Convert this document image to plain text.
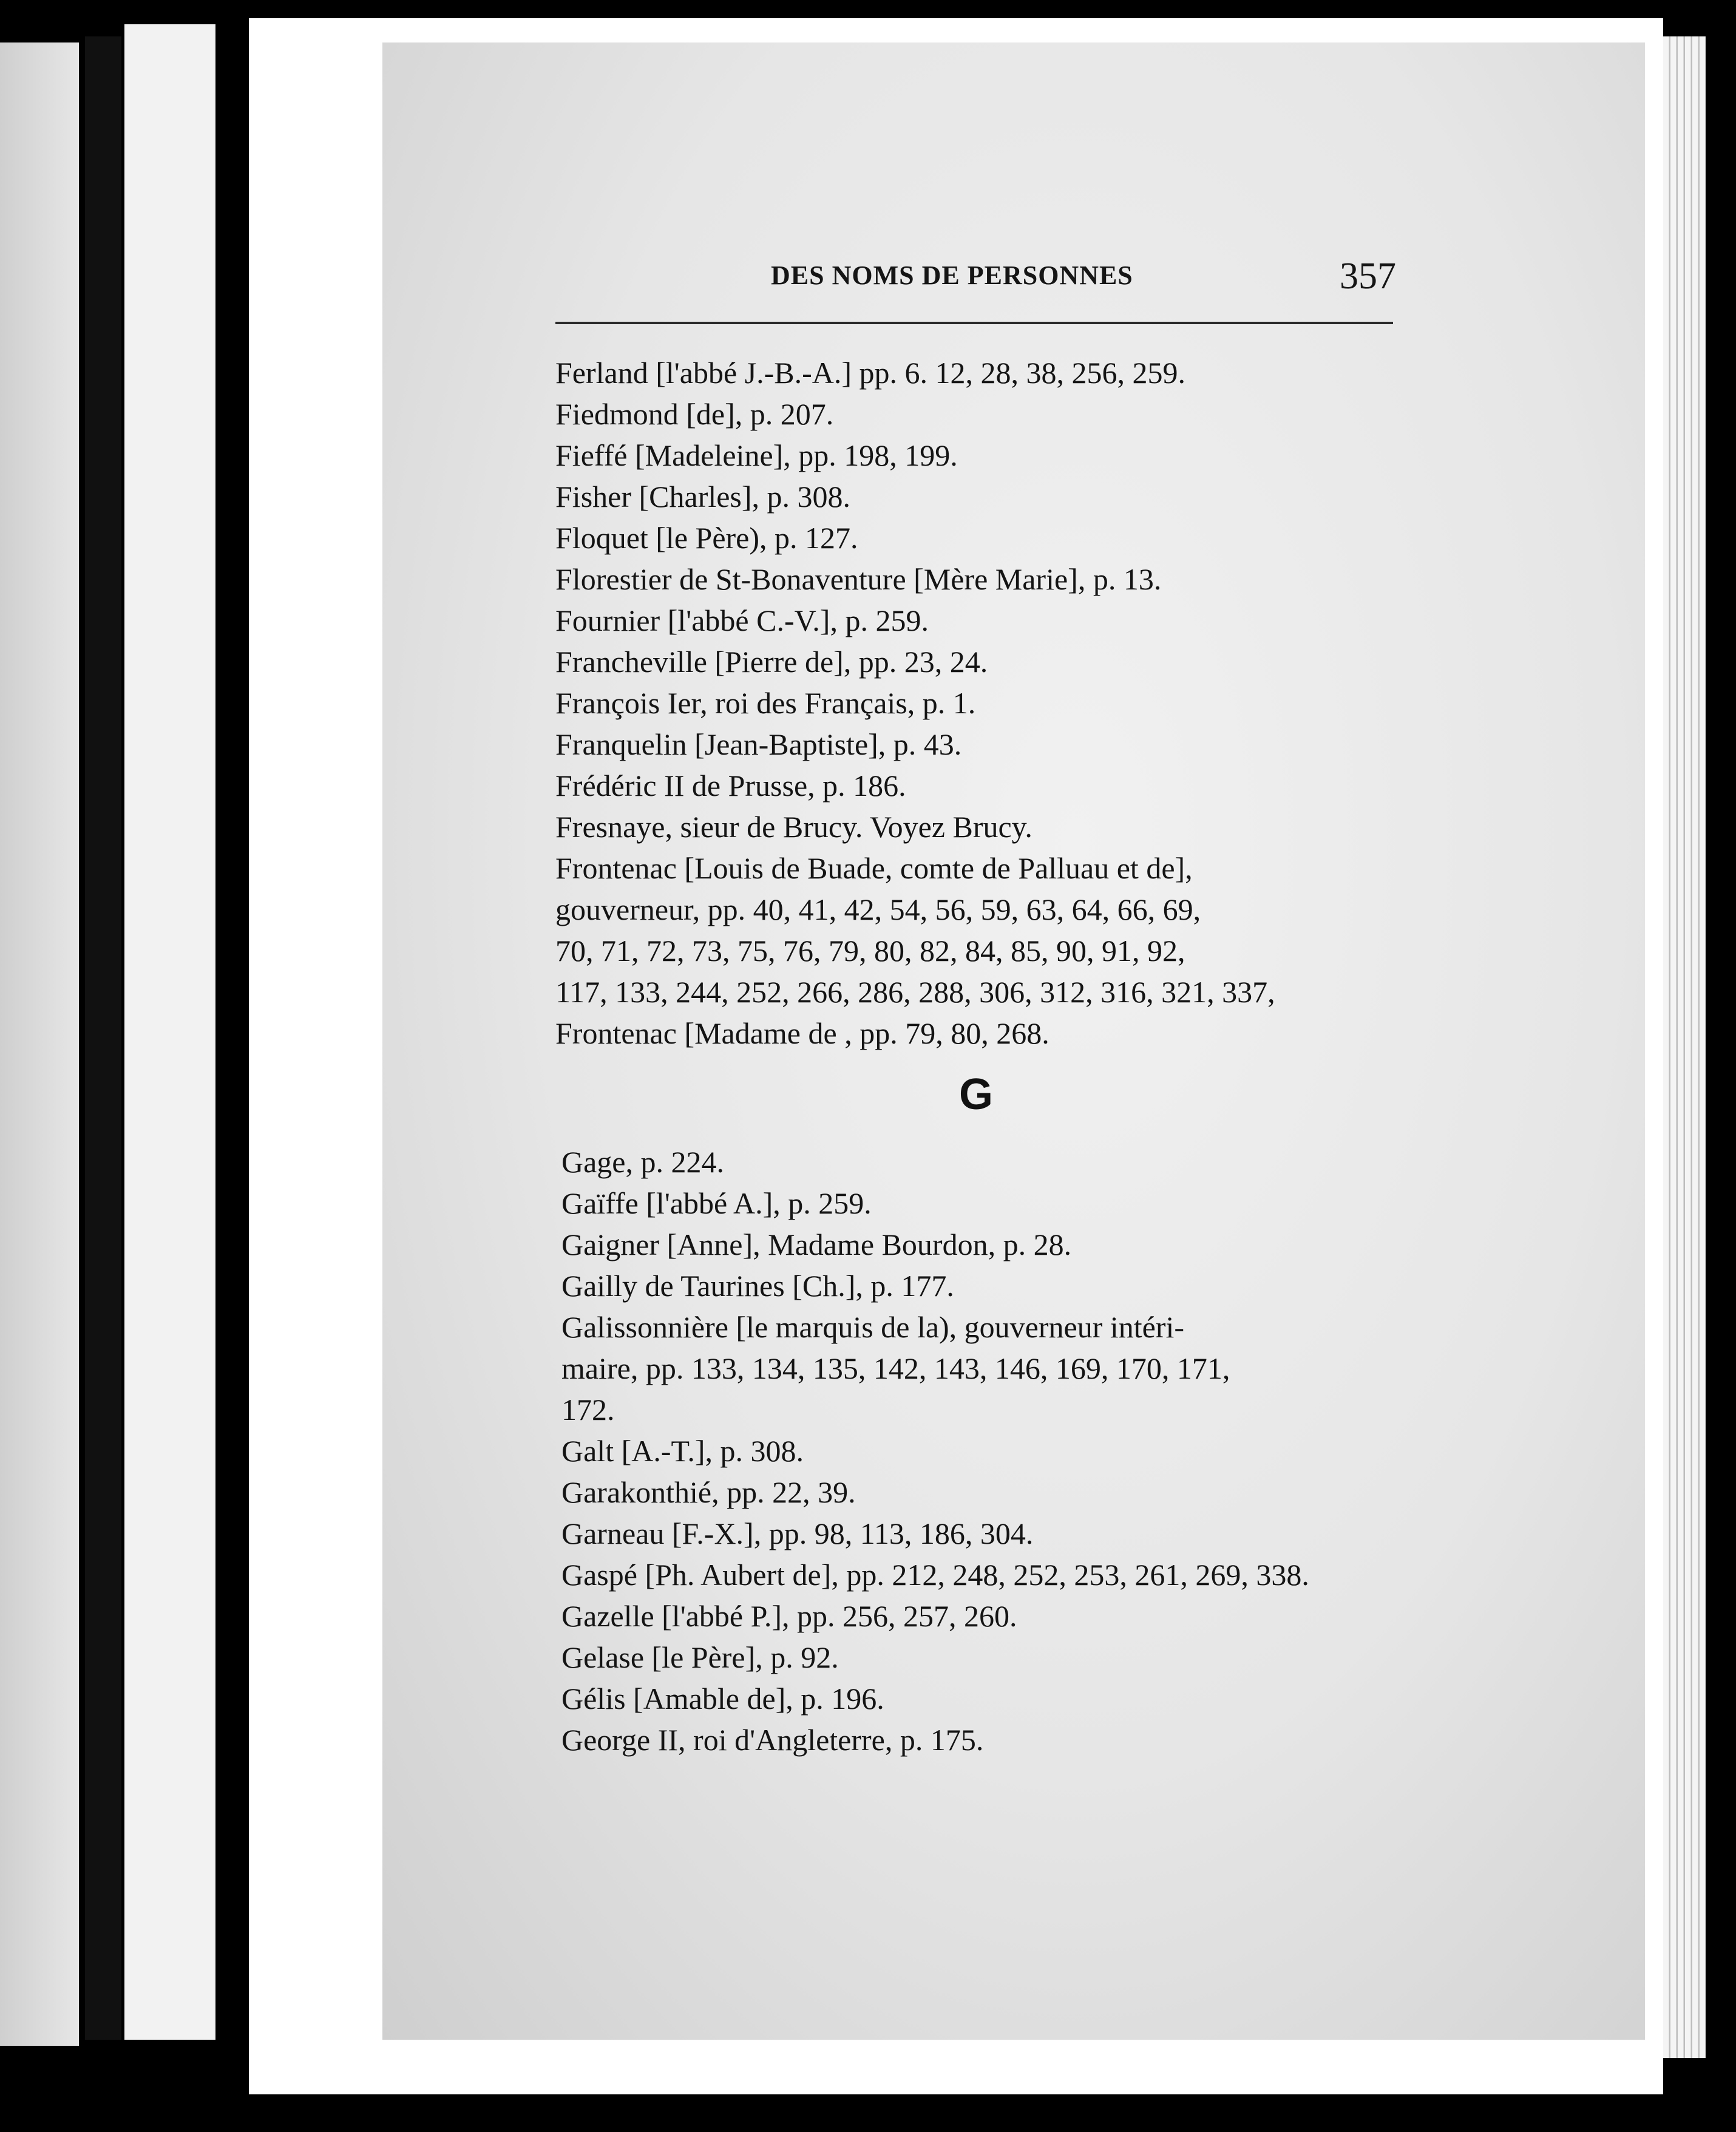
DES NOMS DE PERSONNES	357

Ferland [l'abbé J.-B.-A.] pp. 6. 12, 28, 38, 256, 259.

Fiedmond [de], p. 207.

Fieffé [Madeleine], pp. 198, 199.

Fisher [Charles], p. 308.

Floquet [le Père), p. 127.

Florestier de St-Bonaventure [Mère Marie], p. 13.

Fournier [l'abbé C.-V.], p. 259.

Francheville [Pierre de], pp. 23, 24.

François Ier, roi des Français, p. 1.

Franquelin [Jean-Baptiste], p. 43.

Frédéric II de Prusse, p. 186.

Fresnaye, sieur de Brucy. Voyez Brucy.

Frontenac [Louis de Buade, comte de Palluau et de],
gouverneur, pp. 40, 41, 42, 54, 56, 59, 63, 64, 66, 69,
70, 71, 72, 73, 75, 76, 79, 80, 82, 84, 85, 90, 91, 92,
117, 133, 244, 252, 266, 286, 288, 306, 312, 316, 321, 337,

Frontenac [Madame de , pp. 79, 80, 268.

G

Gage, p. 224.

Gaïffe [l'abbé A.], p. 259.

Gaigner [Anne], Madame Bourdon, p. 28.

Gailly de Taurines [Ch.], p. 177.

Galissonnière [le marquis de la), gouverneur intéri-
maire, pp. 133, 134, 135, 142, 143, 146, 169, 170, 171,
172.

Galt [A.-T.], p. 308.

Garakonthié, pp. 22, 39.

Garneau [F.-X.], pp. 98, 113, 186, 304.

Gaspé [Ph. Aubert de], pp. 212, 248, 252, 253, 261, 269, 338.

Gazelle [l'abbé P.], pp. 256, 257, 260.

Gelase [le Père], p. 92.

Gélis [Amable de], p. 196.

George II, roi d'Angleterre, p. 175.
